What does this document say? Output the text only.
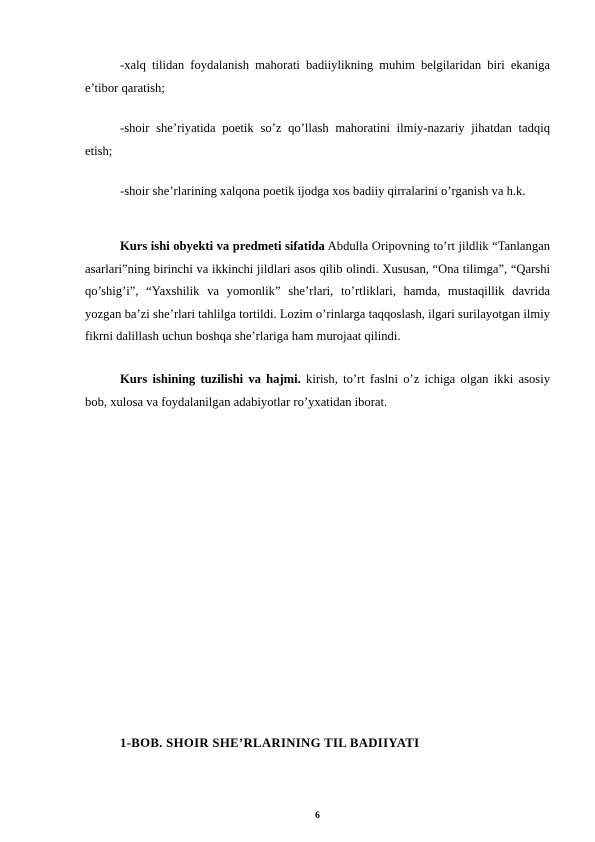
-xalq tilidan foydalanish mahorati badiiylikning muhim belgilaridan biri ekaniga e’tibor qaratish;

-shoir she’riyatida poetik so’z qo’llash mahoratini ilmiy-nazariy jihatdan tadqiq etish;

-shoir she’rlarining xalqona poetik ijodga xos badiiy qirralarini o’rganish va h.k.

Kurs ishi obyekti va predmeti sifatida Abdulla Oripovning to’rt jildlik “Tanlangan asarlari”ning birinchi va ikkinchi jildlari asos qilib olindi. Xususan, “Ona tilimga”, “Qarshi qo’shig’i”, “Yaxshilik va yomonlik” she’rlari, to’rtliklari, hamda, mustaqillik davrida yozgan ba’zi she’rlari tahlilga tortildi. Lozim o’rinlarga taqqoslash, ilgari surilayotgan ilmiy fikrni dalillash uchun boshqa she’rlariga ham murojaat qilindi.

Kurs ishining tuzilishi va hajmi. kirish, to’rt faslni o’z ichiga olgan ikki asosiy bob, xulosa va foydalanilgan adabiyotlar ro’yxatidan iborat.

1-BOB. SHOIR SHE’RLARINING TIL BADIIYATI

6
